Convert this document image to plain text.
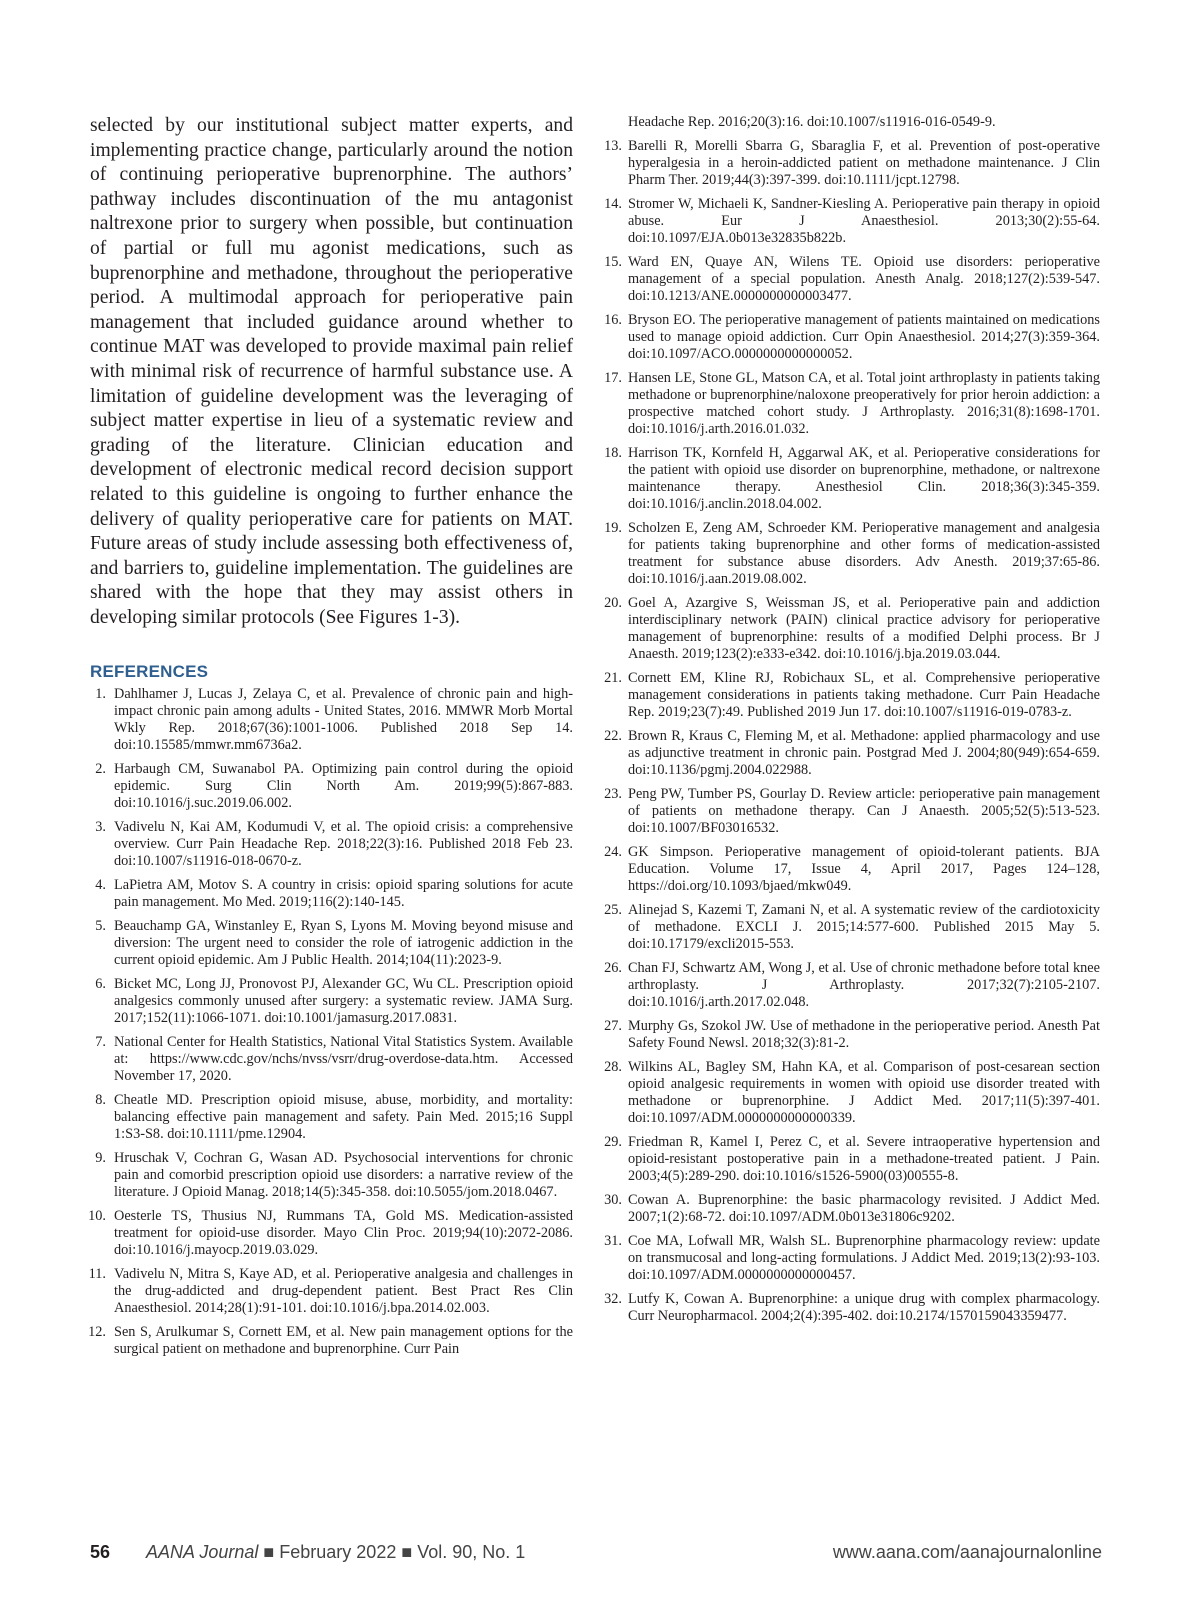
selected by our institutional subject matter experts, and implementing practice change, particularly around the notion of continuing perioperative buprenorphine. The authors’ pathway includes discontinuation of the mu antagonist naltrexone prior to surgery when possible, but continuation of partial or full mu agonist medications, such as buprenorphine and methadone, throughout the perioperative period. A multimodal approach for perioperative pain management that included guidance around whether to continue MAT was developed to provide maximal pain relief with minimal risk of recurrence of harmful substance use. A limitation of guideline development was the leveraging of subject matter expertise in lieu of a systematic review and grading of the literature. Clinician education and development of electronic medical record decision support related to this guideline is ongoing to further enhance the delivery of quality perioperative care for patients on MAT. Future areas of study include assessing both effectiveness of, and barriers to, guideline implementation. The guidelines are shared with the hope that they may assist others in developing similar protocols (See Figures 1-3).

REFERENCES
1. Dahlhamer J, Lucas J, Zelaya C, et al. Prevalence of chronic pain and high-impact chronic pain among adults - United States, 2016. MMWR Morb Mortal Wkly Rep. 2018;67(36):1001-1006. Published 2018 Sep 14. doi:10.15585/mmwr.mm6736a2.
2. Harbaugh CM, Suwanabol PA. Optimizing pain control during the opioid epidemic. Surg Clin North Am. 2019;99(5):867-883. doi:10.1016/j.suc.2019.06.002.
3. Vadivelu N, Kai AM, Kodumudi V, et al. The opioid crisis: a comprehensive overview. Curr Pain Headache Rep. 2018;22(3):16. Published 2018 Feb 23. doi:10.1007/s11916-018-0670-z.
4. LaPietra AM, Motov S. A country in crisis: opioid sparing solutions for acute pain management. Mo Med. 2019;116(2):140-145.
5. Beauchamp GA, Winstanley E, Ryan S, Lyons M. Moving beyond misuse and diversion: The urgent need to consider the role of iatrogenic addiction in the current opioid epidemic. Am J Public Health. 2014;104(11):2023-9.
6. Bicket MC, Long JJ, Pronovost PJ, Alexander GC, Wu CL. Prescription opioid analgesics commonly unused after surgery: a systematic review. JAMA Surg. 2017;152(11):1066-1071. doi:10.1001/jamasurg.2017.0831.
7. National Center for Health Statistics, National Vital Statistics System. Available at: https://www.cdc.gov/nchs/nvss/vsrr/drug-overdose-data.htm. Accessed November 17, 2020.
8. Cheatle MD. Prescription opioid misuse, abuse, morbidity, and mortality: balancing effective pain management and safety. Pain Med. 2015;16 Suppl 1:S3-S8. doi:10.1111/pme.12904.
9. Hruschak V, Cochran G, Wasan AD. Psychosocial interventions for chronic pain and comorbid prescription opioid use disorders: a narrative review of the literature. J Opioid Manag. 2018;14(5):345-358. doi:10.5055/jom.2018.0467.
10. Oesterle TS, Thusius NJ, Rummans TA, Gold MS. Medication-assisted treatment for opioid-use disorder. Mayo Clin Proc. 2019;94(10):2072-2086. doi:10.1016/j.mayocp.2019.03.029.
11. Vadivelu N, Mitra S, Kaye AD, et al. Perioperative analgesia and challenges in the drug-addicted and drug-dependent patient. Best Pract Res Clin Anaesthesiol. 2014;28(1):91-101. doi:10.1016/j.bpa.2014.02.003.
12. Sen S, Arulkumar S, Cornett EM, et al. New pain management options for the surgical patient on methadone and buprenorphine. Curr Pain
Headache Rep. 2016;20(3):16. doi:10.1007/s11916-016-0549-9.
13. Barelli R, Morelli Sbarra G, Sbaraglia F, et al. Prevention of post-operative hyperalgesia in a heroin-addicted patient on methadone maintenance. J Clin Pharm Ther. 2019;44(3):397-399. doi:10.1111/jcpt.12798.
14. Stromer W, Michaeli K, Sandner-Kiesling A. Perioperative pain therapy in opioid abuse. Eur J Anaesthesiol. 2013;30(2):55-64. doi:10.1097/EJA.0b013e32835b822b.
15. Ward EN, Quaye AN, Wilens TE. Opioid use disorders: perioperative management of a special population. Anesth Analg. 2018;127(2):539-547. doi:10.1213/ANE.0000000000003477.
16. Bryson EO. The perioperative management of patients maintained on medications used to manage opioid addiction. Curr Opin Anaesthesiol. 2014;27(3):359-364. doi:10.1097/ACO.0000000000000052.
17. Hansen LE, Stone GL, Matson CA, et al. Total joint arthroplasty in patients taking methadone or buprenorphine/naloxone preoperatively for prior heroin addiction: a prospective matched cohort study. J Arthroplasty. 2016;31(8):1698-1701. doi:10.1016/j.arth.2016.01.032.
18. Harrison TK, Kornfeld H, Aggarwal AK, et al. Perioperative considerations for the patient with opioid use disorder on buprenorphine, methadone, or naltrexone maintenance therapy. Anesthesiol Clin. 2018;36(3):345-359. doi:10.1016/j.anclin.2018.04.002.
19. Scholzen E, Zeng AM, Schroeder KM. Perioperative management and analgesia for patients taking buprenorphine and other forms of medication-assisted treatment for substance abuse disorders. Adv Anesth. 2019;37:65-86. doi:10.1016/j.aan.2019.08.002.
20. Goel A, Azargive S, Weissman JS, et al. Perioperative pain and addiction interdisciplinary network (PAIN) clinical practice advisory for perioperative management of buprenorphine: results of a modified Delphi process. Br J Anaesth. 2019;123(2):e333-e342. doi:10.1016/j.bja.2019.03.044.
21. Cornett EM, Kline RJ, Robichaux SL, et al. Comprehensive perioperative management considerations in patients taking methadone. Curr Pain Headache Rep. 2019;23(7):49. Published 2019 Jun 17. doi:10.1007/s11916-019-0783-z.
22. Brown R, Kraus C, Fleming M, et al. Methadone: applied pharmacology and use as adjunctive treatment in chronic pain. Postgrad Med J. 2004;80(949):654-659. doi:10.1136/pgmj.2004.022988.
23. Peng PW, Tumber PS, Gourlay D. Review article: perioperative pain management of patients on methadone therapy. Can J Anaesth. 2005;52(5):513-523. doi:10.1007/BF03016532.
24. GK Simpson. Perioperative management of opioid-tolerant patients. BJA Education. Volume 17, Issue 4, April 2017, Pages 124–128, https://doi.org/10.1093/bjaed/mkw049.
25. Alinejad S, Kazemi T, Zamani N, et al. A systematic review of the cardiotoxicity of methadone. EXCLI J. 2015;14:577-600. Published 2015 May 5. doi:10.17179/excli2015-553.
26. Chan FJ, Schwartz AM, Wong J, et al. Use of chronic methadone before total knee arthroplasty. J Arthroplasty. 2017;32(7):2105-2107. doi:10.1016/j.arth.2017.02.048.
27. Murphy Gs, Szokol JW. Use of methadone in the perioperative period. Anesth Pat Safety Found Newsl. 2018;32(3):81-2.
28. Wilkins AL, Bagley SM, Hahn KA, et al. Comparison of post-cesarean section opioid analgesic requirements in women with opioid use disorder treated with methadone or buprenorphine. J Addict Med. 2017;11(5):397-401. doi:10.1097/ADM.0000000000000339.
29. Friedman R, Kamel I, Perez C, et al. Severe intraoperative hypertension and opioid-resistant postoperative pain in a methadone-treated patient. J Pain. 2003;4(5):289-290. doi:10.1016/s1526-5900(03)00555-8.
30. Cowan A. Buprenorphine: the basic pharmacology revisited. J Addict Med. 2007;1(2):68-72. doi:10.1097/ADM.0b013e31806c9202.
31. Coe MA, Lofwall MR, Walsh SL. Buprenorphine pharmacology review: update on transmucosal and long-acting formulations. J Addict Med. 2019;13(2):93-103. doi:10.1097/ADM.0000000000000457.
32. Lutfy K, Cowan A. Buprenorphine: a unique drug with complex pharmacology. Curr Neuropharmacol. 2004;2(4):395-402. doi:10.2174/1570159043359477.
56 AANA Journal ■ February 2022 ■ Vol. 90, No. 1	www.aana.com/aanajournalonline
